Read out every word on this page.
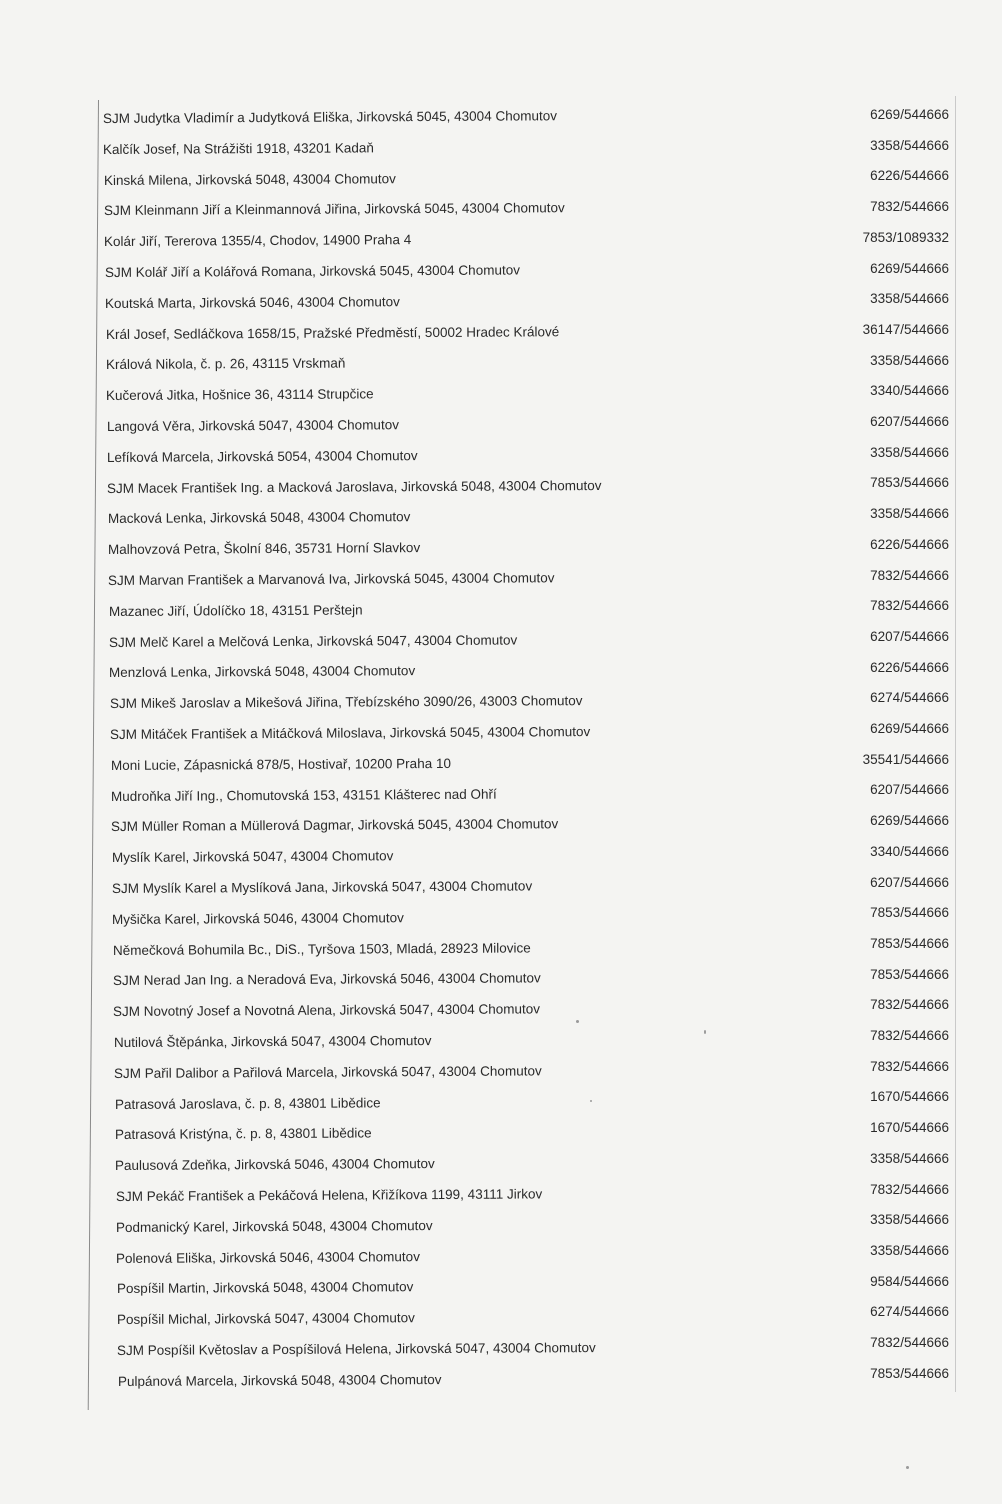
SJM Judytka Vladimír a Judytková Eliška, Jirkovská 5045, 43004 Chomutov	6269/544666
Kalčík Josef, Na Strážišti 1918, 43201 Kadaň	3358/544666
Kinská Milena, Jirkovská 5048, 43004 Chomutov	6226/544666
SJM Kleinmann Jiří a Kleinmannová Jiřina, Jirkovská 5045, 43004 Chomutov	7832/544666
Kolár Jiří, Tererova 1355/4, Chodov, 14900 Praha 4	7853/1089332
SJM Kolář Jiří a Kolářová Romana, Jirkovská 5045, 43004 Chomutov	6269/544666
Koutská Marta, Jirkovská 5046, 43004 Chomutov	3358/544666
Král Josef, Sedláčkova 1658/15, Pražské Předměstí, 50002 Hradec Králové	36147/544666
Králová Nikola, č. p. 26, 43115 Vrskmaň	3358/544666
Kučerová Jitka, Hošnice 36, 43114 Strupčice	3340/544666
Langová Věra, Jirkovská 5047, 43004 Chomutov	6207/544666
Lefíková Marcela, Jirkovská 5054, 43004 Chomutov	3358/544666
SJM Macek František Ing. a Macková Jaroslava, Jirkovská 5048, 43004 Chomutov	7853/544666
Macková Lenka, Jirkovská 5048, 43004 Chomutov	3358/544666
Malhovzová Petra, Školní 846, 35731 Horní Slavkov	6226/544666
SJM Marvan František a Marvanová Iva, Jirkovská 5045, 43004 Chomutov	7832/544666
Mazanec Jiří, Údolíčko 18, 43151 Perštejn	7832/544666
SJM Melč Karel a Melčová Lenka, Jirkovská 5047, 43004 Chomutov	6207/544666
Menzlová Lenka, Jirkovská 5048, 43004 Chomutov	6226/544666
SJM Mikeš Jaroslav a Mikešová Jiřina, Třebízského 3090/26, 43003 Chomutov	6274/544666
SJM Mitáček František a Mitáčková Miloslava, Jirkovská 5045, 43004 Chomutov	6269/544666
Moni Lucie, Zápasnická 878/5, Hostivař, 10200 Praha 10	35541/544666
Mudroňka Jiří Ing., Chomutovská 153, 43151 Klášterec nad Ohří	6207/544666
SJM Müller Roman a Müllerová Dagmar, Jirkovská 5045, 43004 Chomutov	6269/544666
Myslík Karel, Jirkovská 5047, 43004 Chomutov	3340/544666
SJM Myslík Karel a Myslíková Jana, Jirkovská 5047, 43004 Chomutov	6207/544666
Myšička Karel, Jirkovská 5046, 43004 Chomutov	7853/544666
Němečková Bohumila Bc., DiS., Tyršova 1503, Mladá, 28923 Milovice	7853/544666
SJM Nerad Jan Ing. a Neradová Eva, Jirkovská 5046, 43004 Chomutov	7853/544666
SJM Novotný Josef a Novotná Alena, Jirkovská 5047, 43004 Chomutov	7832/544666
Nutilová Štěpánka, Jirkovská 5047, 43004 Chomutov	7832/544666
SJM Pařil Dalibor a Pařilová Marcela, Jirkovská 5047, 43004 Chomutov	7832/544666
Patrasová Jaroslava, č. p. 8, 43801 Libědice	1670/544666
Patrasová Kristýna, č. p. 8, 43801 Libědice	1670/544666
Paulusová Zdeňka, Jirkovská 5046, 43004 Chomutov	3358/544666
SJM Pekáč František a Pekáčová Helena, Křižíkova 1199, 43111 Jirkov	7832/544666
Podmanický Karel, Jirkovská 5048, 43004 Chomutov	3358/544666
Polenová Eliška, Jirkovská 5046, 43004 Chomutov	3358/544666
Pospíšil Martin, Jirkovská 5048, 43004 Chomutov	9584/544666
Pospíšil Michal, Jirkovská 5047, 43004 Chomutov	6274/544666
SJM Pospíšil Květoslav a Pospíšilová Helena, Jirkovská 5047, 43004 Chomutov	7832/544666
Pulpánová Marcela, Jirkovská 5048, 43004 Chomutov	7853/544666
